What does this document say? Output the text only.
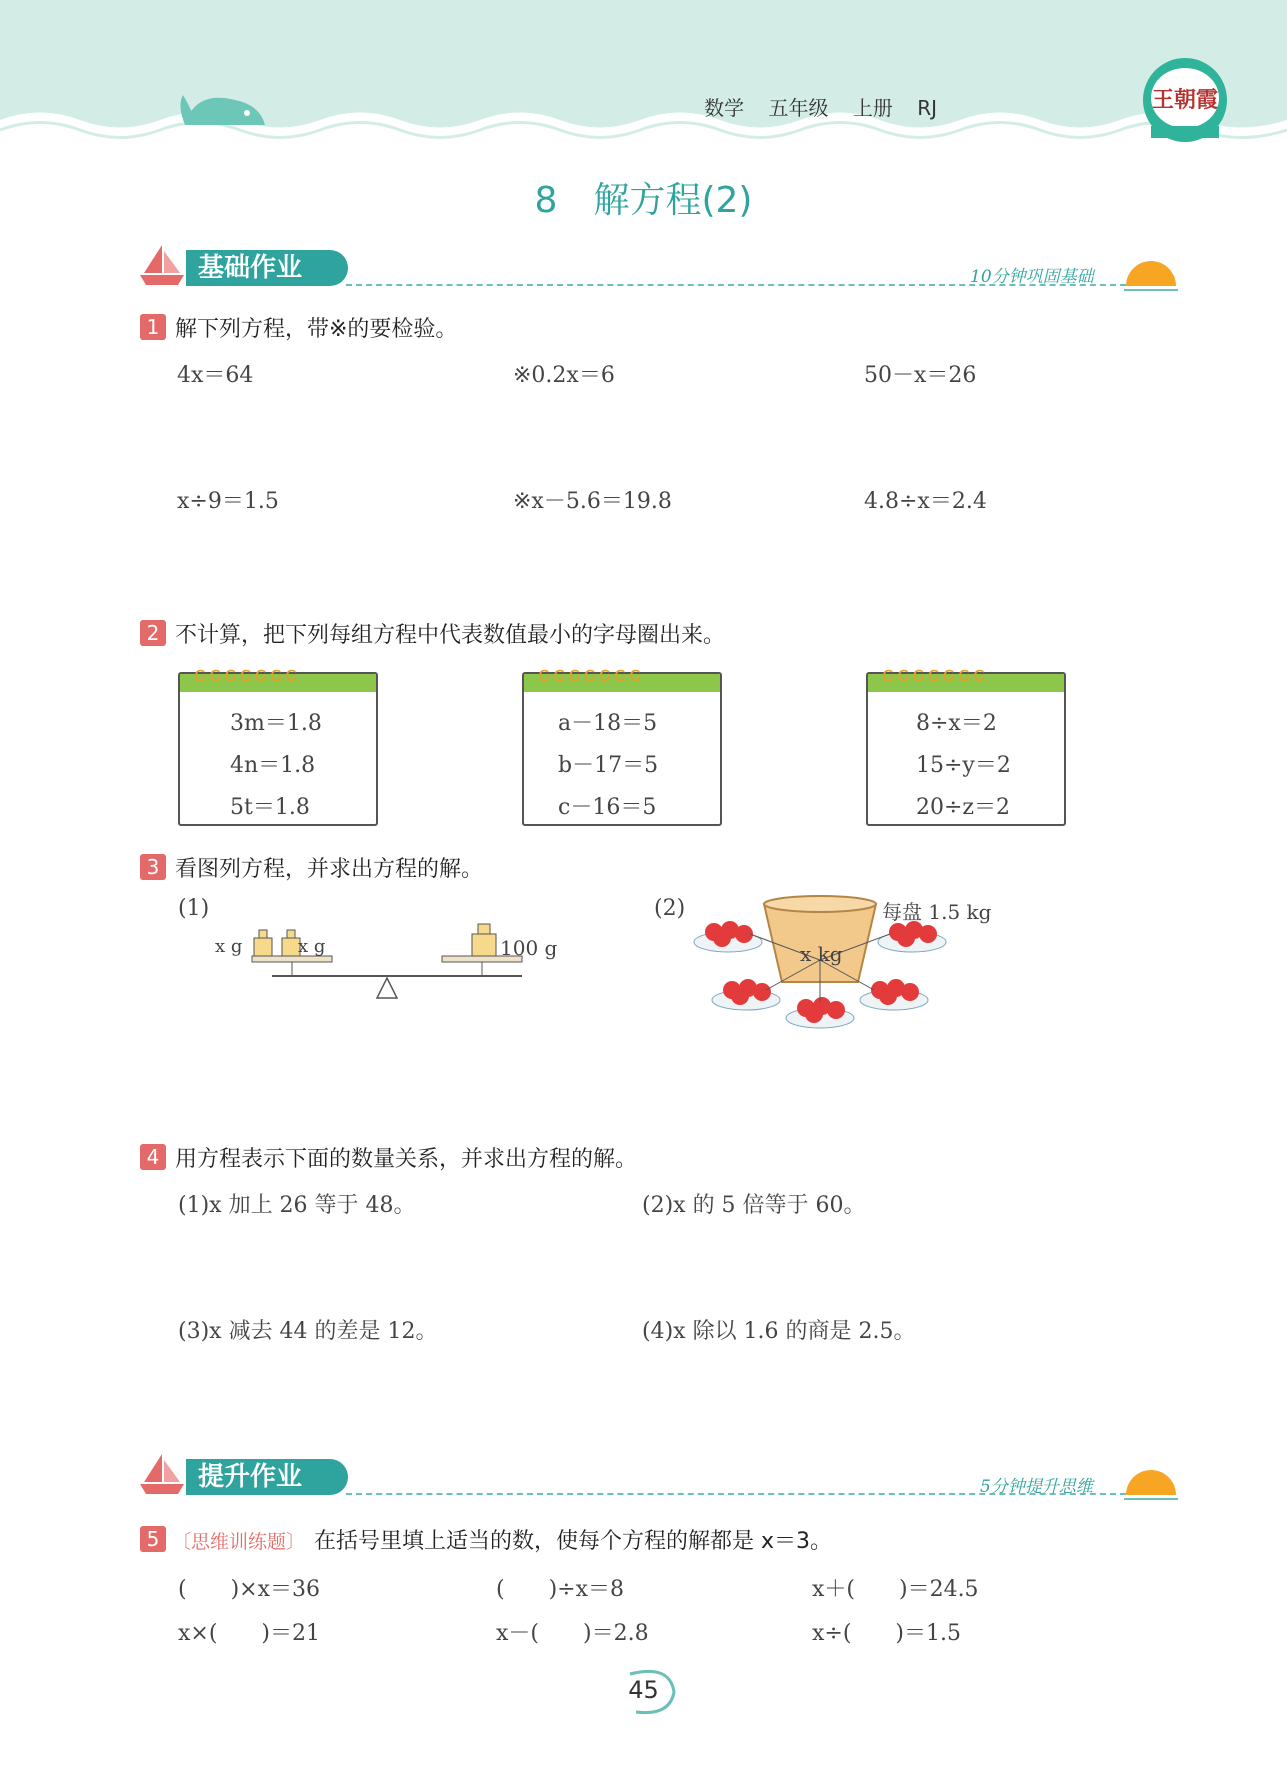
数学 五年级 上册 RJ	王朝霞
8　解方程(2)
基础作业	10分钟巩固基础
1 解下列方程，带※的要检验。
4x＝64	※0.2x＝6	50－x＝26
x÷9＝1.5	※x－5.6＝19.8	4.8÷x＝2.4
2 不计算，把下列每组方程中代表数值最小的字母圈出来。
ԍԍԍԍԍԍԍ
3m＝1.8
4n＝1.8
5t＝1.8
ԍԍԍԍԍԍԍ
a－18＝5
b－17＝5
c－16＝5
ԍԍԍԍԍԍԍ
8÷x＝2
15÷y＝2
20÷z＝2
3 看图列方程，并求出方程的解。
(1)
x g	x g	100 g
(2)
x kg
每盘 1.5 kg
4 用方程表示下面的数量关系，并求出方程的解。
(1)x 加上 26 等于 48。	(2)x 的 5 倍等于 60。
(3)x 减去 44 的差是 12。	(4)x 除以 1.6 的商是 2.5。
提升作业	5分钟提升思维
5 〔思维训练题〕 在括号里填上适当的数，使每个方程的解都是 x＝3。
(　　)×x＝36	(　　)÷x＝8	x＋(　　)＝24.5
x×(　　)＝21	x－(　　)＝2.8	x÷(　　)＝1.5
45
